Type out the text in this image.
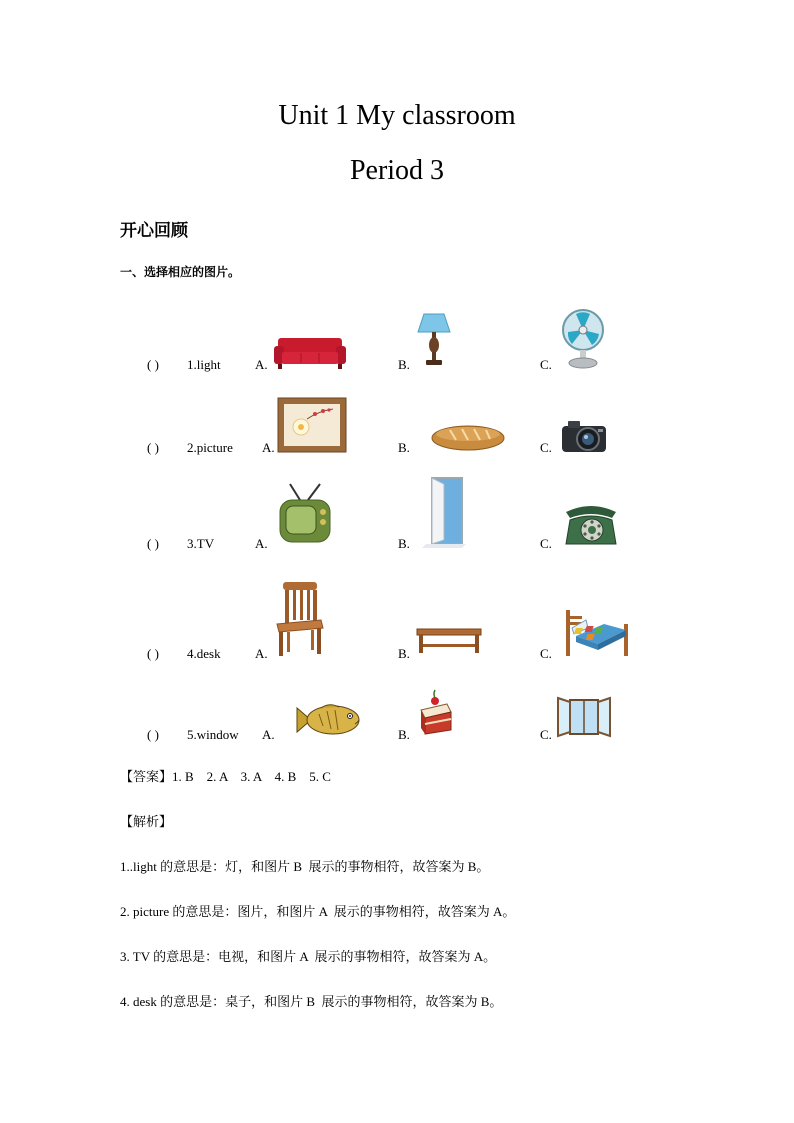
Unit 1 My classroom
Period 3
开心回顾
一、选择相应的图片。
( ) 1.light	A.	B.	C.
( ) 2.picture A.	B.	C.
( ) 3.TV	A.	B.	C.
( ) 4.desk	A.	B.	C.
( ) 5.window A.	B.	C.
【答案】1. B    2. A    3. A    4. B    5. C
【解析】
1..light 的意思是：灯，和图片 B  展示的事物相符，故答案为 B。
2. picture 的意思是：图片，和图片 A  展示的事物相符，故答案为 A。
3. TV 的意思是：电视，和图片 A  展示的事物相符，故答案为 A。
4. desk 的意思是：桌子，和图片 B  展示的事物相符，故答案为 B。
